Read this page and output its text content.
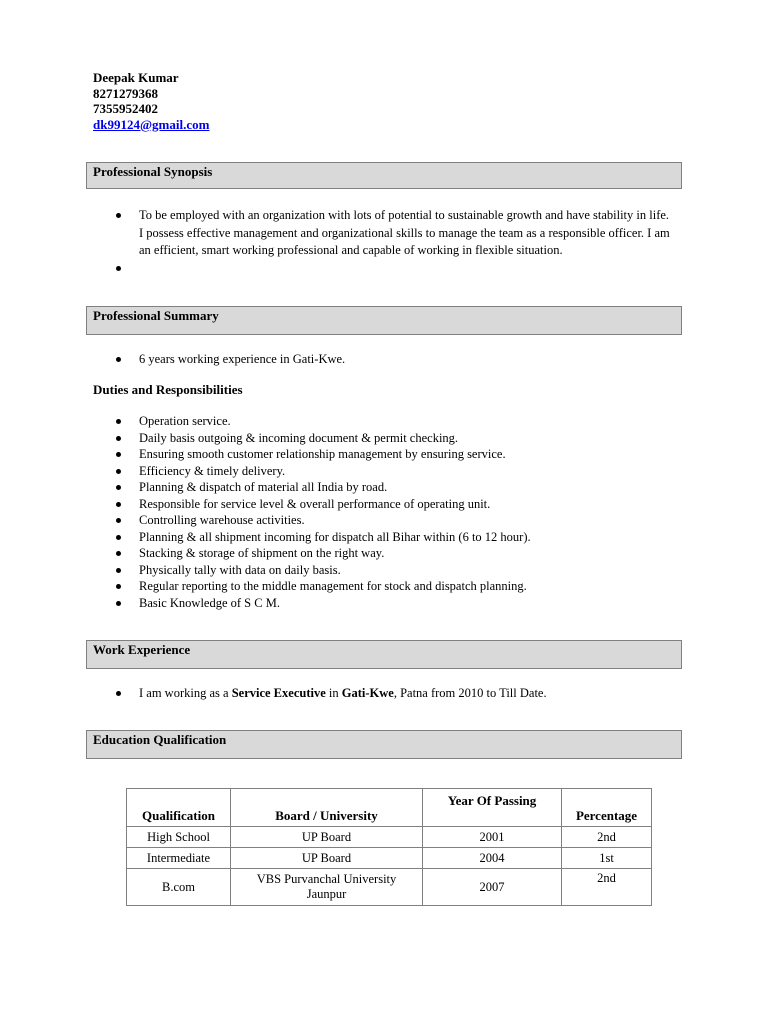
Deepak Kumar
8271279368
7355952402
dk99124@gmail.com
Professional Synopsis
To be employed with an organization with lots of potential to sustainable growth and have stability in life. I possess effective management and organizational skills to manage the team as a responsible officer. I am an efficient, smart working professional and capable of working in flexible situation.

Professional Summary
6 years working experience in Gati-Kwe.
Duties and Responsibilities
Operation service.
Daily basis outgoing & incoming document & permit checking.
Ensuring smooth customer relationship management by ensuring service.
Efficiency & timely delivery.
Planning & dispatch of material all India by road.
Responsible for service level & overall performance of operating unit.
Controlling warehouse activities.
Planning & all shipment incoming for dispatch all Bihar within (6 to 12 hour).
Stacking & storage of shipment on the right way.
Physically tally with data on daily basis.
Regular reporting to the middle management for stock and dispatch planning.
Basic Knowledge of S C M.
Work Experience
I am working as a Service Executive in Gati-Kwe, Patna from 2010 to Till Date.
Education Qualification
Qualification	Board / University	Year Of Passing	Percentage
High School	UP Board	2001	2nd
Intermediate	UP Board	2004	1st
B.com	VBS Purvanchal University Jaunpur	2007	2nd
